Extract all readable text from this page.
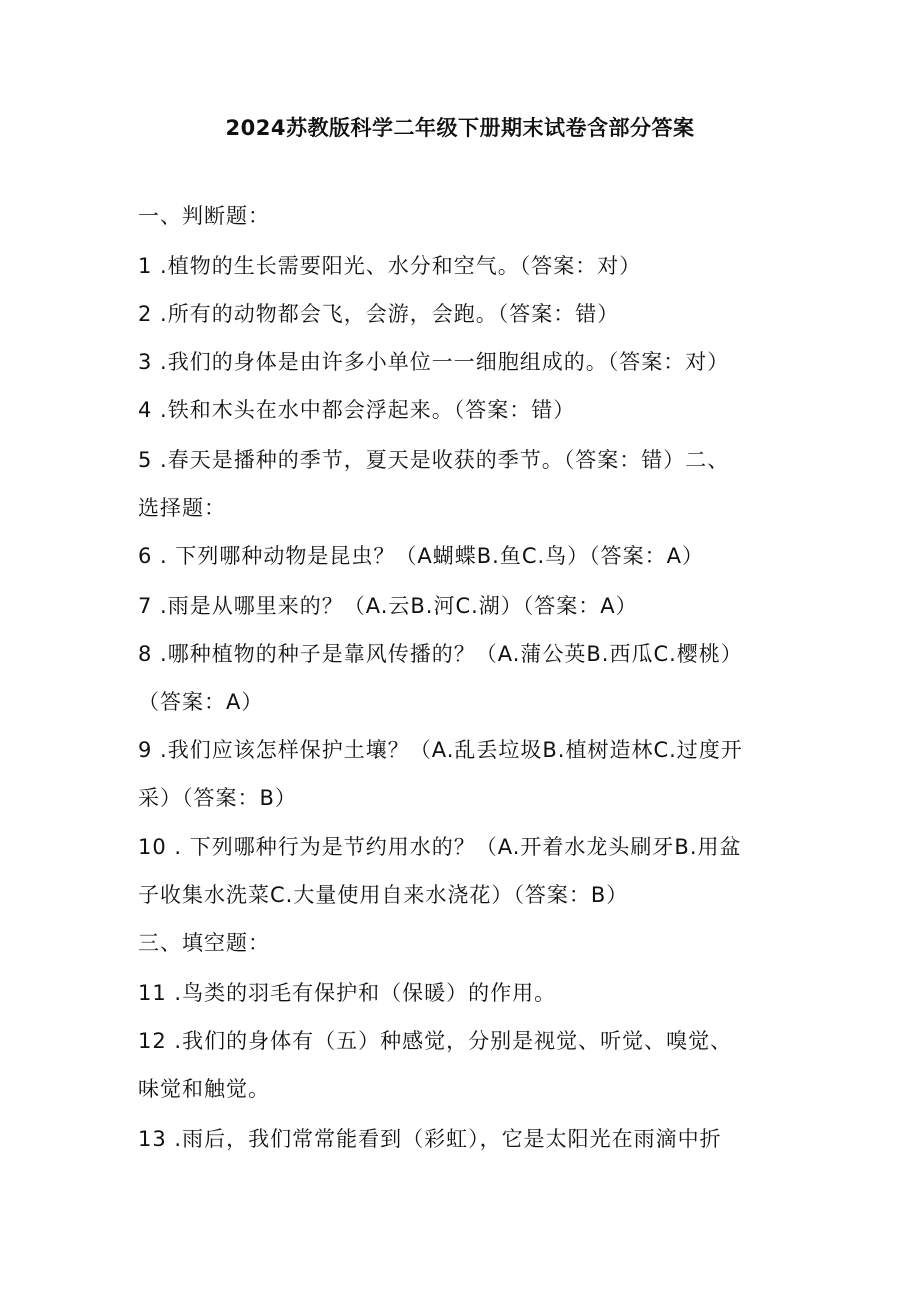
2024苏教版科学二年级下册期末试卷含部分答案
一、判断题：
1 .植物的生长需要阳光、水分和空气。（答案：对）
2 .所有的动物都会飞，会游，会跑。（答案：错）
3 .我们的身体是由许多小单位一一细胞组成的。（答案：对）
4 .铁和木头在水中都会浮起来。（答案：错）
5 .春天是播种的季节，夏天是收获的季节。（答案：错）二、
选择题：
6 . 下列哪种动物是昆虫？（A蝴蝶B.鱼C.鸟）（答案：A）
7 .雨是从哪里来的？（A.云B.河C.湖）（答案：A）
8 .哪种植物的种子是靠风传播的？（A.蒲公英B.西瓜C.樱桃）
（答案：A）
9 .我们应该怎样保护土壤？（A.乱丢垃圾B.植树造林C.过度开
采）（答案：B）
10 . 下列哪种行为是节约用水的？（A.开着水龙头刷牙B.用盆
子收集水洗菜C.大量使用自来水浇花）（答案：B）
三、填空题：
11 .鸟类的羽毛有保护和（保暖）的作用。
12 .我们的身体有（五）种感觉，分别是视觉、听觉、嗅觉、
味觉和触觉。
13 .雨后，我们常常能看到（彩虹），它是太阳光在雨滴中折
